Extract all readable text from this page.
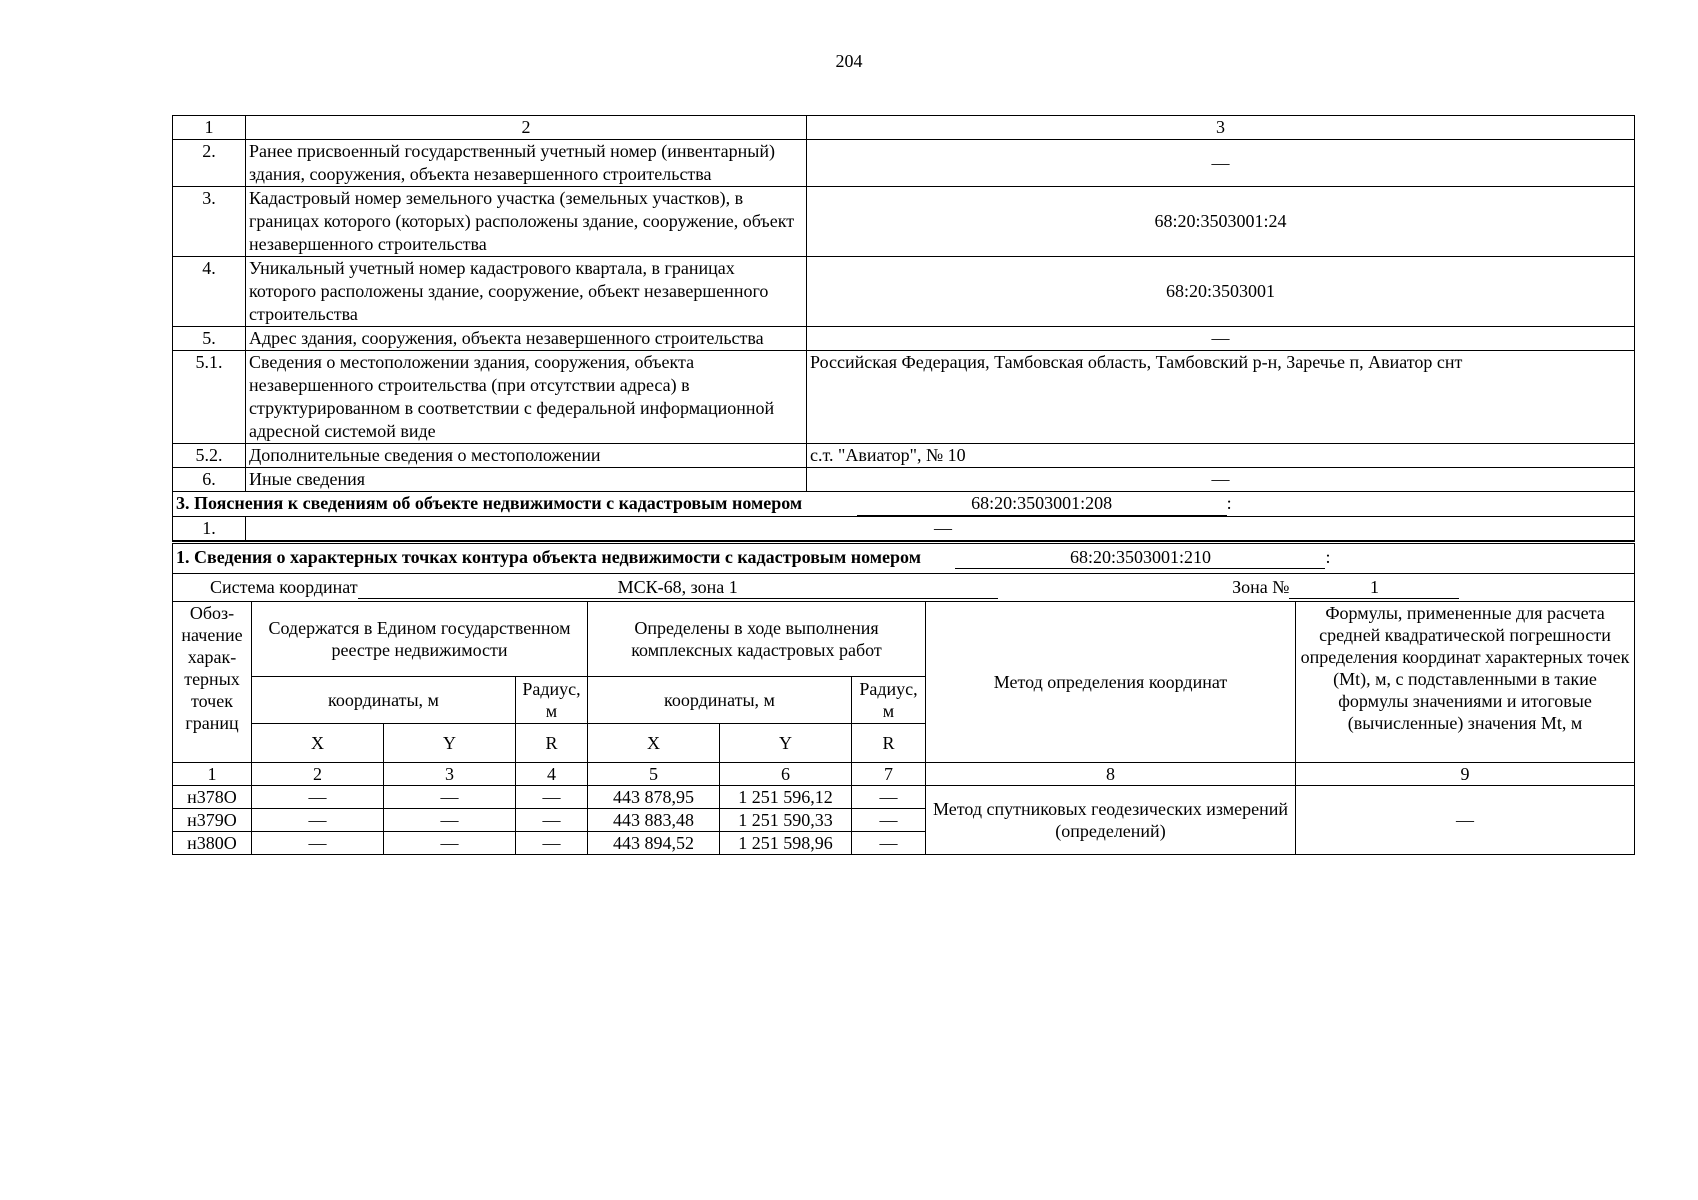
204
1	2	3
2.	Ранее присвоенный государственный учетный номер (инвентарный) здания, сооружения, объекта незавершенного строительства	—
3.	Кадастровый номер земельного участка (земельных участков), в границах которого (которых) расположены здание, сооружение, объект незавершенного строительства	68:20:3503001:24
4.	Уникальный учетный номер кадастрового квартала, в границах которого расположены здание, сооружение, объект незавершенного строительства	68:20:3503001
5.	Адрес здания, сооружения, объекта незавершенного строительства	—
5.1.	Сведения о местоположении здания, сооружения, объекта незавершенного строительства (при отсутствии адреса) в структурированном в соответствии с федеральной информационной адресной системой виде	Российская Федерация, Тамбовская область, Тамбовский р-н, Заречье п, Авиатор снт
5.2.	Дополнительные сведения о местоположении	с.т. "Авиатор", № 10
6.	Иные сведения	—
3. Пояснения к сведениям об объекте недвижимости с кадастровым номером 68:20:3503001:208 :		
1.	—	
1. Сведения о характерных точках контура объекта недвижимости с кадастровым номером 68:20:3503001:210 :								
Система координат МСК-68, зона 1 Зона № 1								
Обоз-начение харак-терных точек границ	Содержатся в Едином государственном реестре недвижимости			Определены в ходе выполнения комплексных кадастровых работ			Метод определения координат	Формулы, примененные для расчета средней квадратической погрешности определения координат характерных точек (Mt), м, с подставленными в такие формулы значениями и итоговые (вычисленные) значения Mt, м
	координаты, м		Радиус, м	координаты, м		Радиус, м		
	X	Y	R	X	Y	R		
1	2	3	4	5	6	7	8	9
н378О	—	—	—	443 878,95	1 251 596,12	—	Метод спутниковых геодезических измерений (определений)	—
н379О	—	—	—	443 883,48	1 251 590,33	—		
н380О	—	—	—	443 894,52	1 251 598,96	—		
